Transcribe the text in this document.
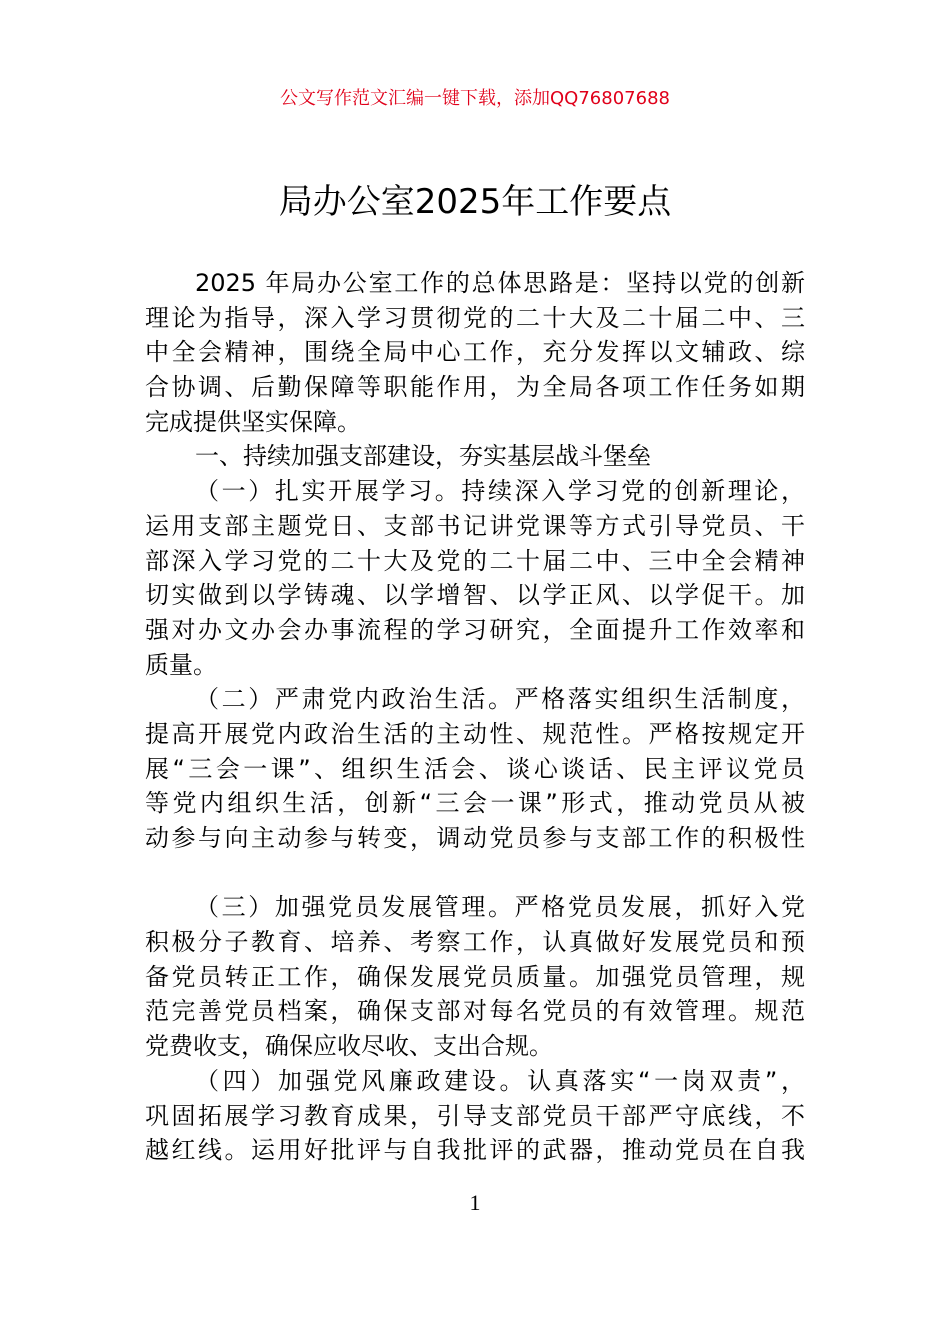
公文写作范文汇编一键下载，添加QQ76807688
局办公室2025年工作要点
2025 年局办公室工作的总体思路是：坚持以党的创新
理论为指导，深入学习贯彻党的二十大及二十届二中、三
中全会精神，围绕全局中心工作，充分发挥以文辅政、综
合协调、后勤保障等职能作用，为全局各项工作任务如期
完成提供坚实保障。
一、持续加强支部建设，夯实基层战斗堡垒
（一）扎实开展学习。持续深入学习党的创新理论，
运用支部主题党日、支部书记讲党课等方式引导党员、干
部深入学习党的二十大及党的二十届二中、三中全会精神
切实做到以学铸魂、以学增智、以学正风、以学促干。加
强对办文办会办事流程的学习研究，全面提升工作效率和
质量。
（二）严肃党内政治生活。严格落实组织生活制度，
提高开展党内政治生活的主动性、规范性。严格按规定开
展“三会一课”、组织生活会、谈心谈话、民主评议党员
等党内组织生活，创新“三会一课”形式，推动党员从被
动参与向主动参与转变，调动党员参与支部工作的积极性
（三）加强党员发展管理。严格党员发展，抓好入党
积极分子教育、培养、考察工作，认真做好发展党员和预
备党员转正工作，确保发展党员质量。加强党员管理，规
范完善党员档案，确保支部对每名党员的有效管理。规范
党费收支，确保应收尽收、支出合规。
（四）加强党风廉政建设。认真落实“一岗双责”，
巩固拓展学习教育成果，引导支部党员干部严守底线，不
越红线。运用好批评与自我批评的武器，推动党员在自我
1
